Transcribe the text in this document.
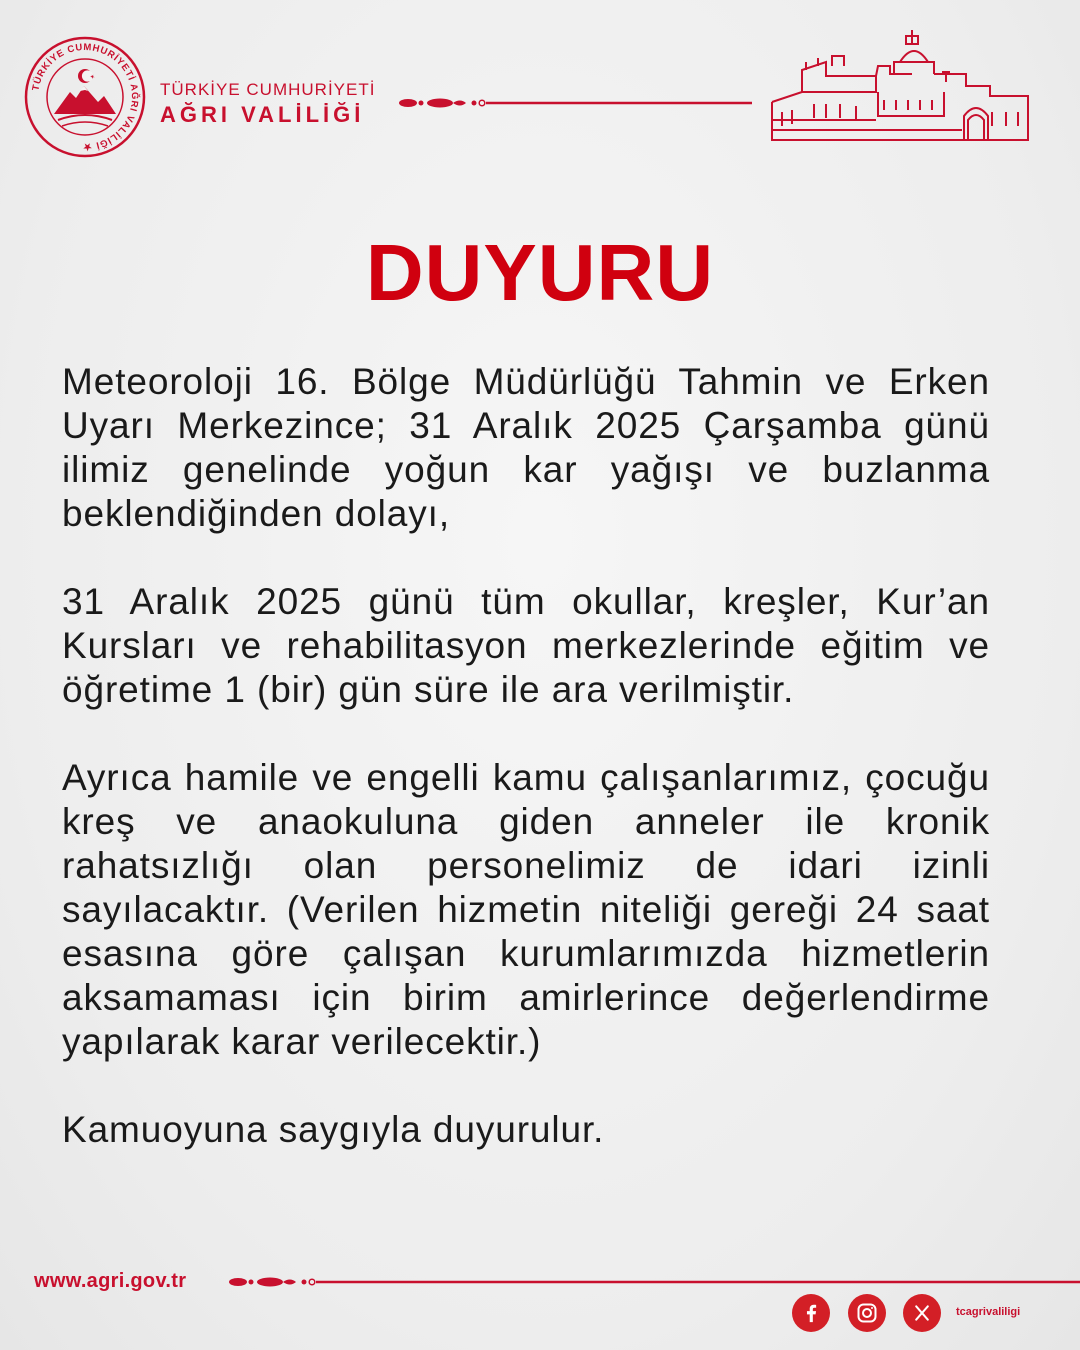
TÜRKİYE CUMHURİYETİ AĞRI VALİLİĞİ ★
TÜRKİYE CUMHURİYETİ
AĞRI VALİLİĞİ
DUYURU

Meteoroloji 16. Bölge Müdürlüğü Tahmin ve Erken Uyarı Merkezince; 31 Aralık 2025 Çarşamba günü ilimiz genelinde yoğun kar yağışı ve buzlanma beklendiğinden dolayı,

31 Aralık 2025 günü tüm okullar, kreşler, Kur’an Kursları ve rehabilitasyon merkezlerinde eğitim ve öğretime 1 (bir) gün süre ile ara verilmiştir.

Ayrıca hamile ve engelli kamu çalışanlarımız, çocuğu kreş ve anaokuluna giden anneler ile kronik rahatsızlığı olan personelimiz de idari izinli sayılacaktır. (Verilen hizmetin niteliği gereği 24 saat esasına göre çalışan kurumlarımızda hizmetlerin aksamaması için birim amirlerince değerlendirme yapılarak karar verilecektir.)

Kamuoyuna saygıyla duyurulur.

www.agri.gov.tr
tcagrivaliligi
